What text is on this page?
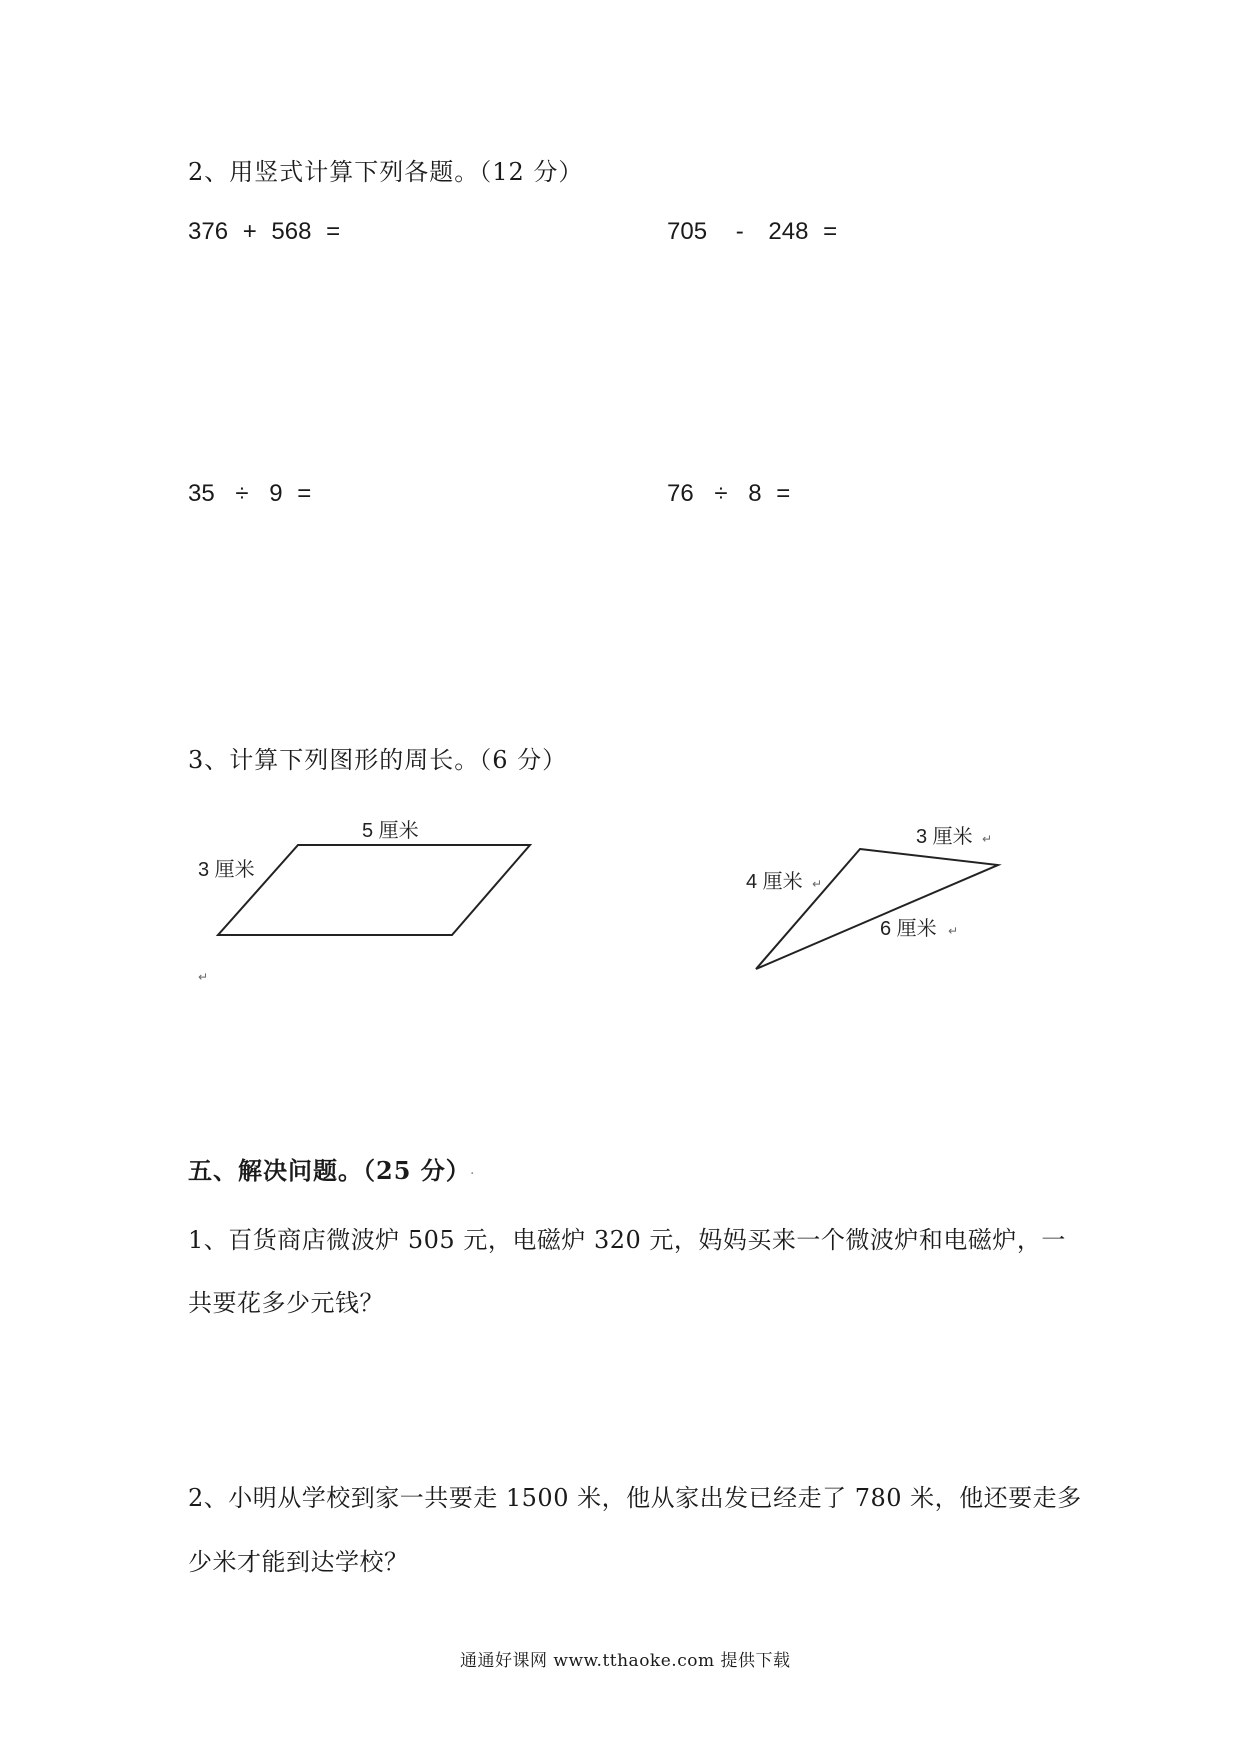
2、用竖式计算下列各题。（12 分）
376 + 568 =	705 - 248 =
35 ÷ 9 =	76 ÷ 8 =
3、计算下列图形的周长。（6 分）
5 厘米
3 厘米
↵
3 厘米 ↵
4 厘米 ↵
6 厘米 ↵
五、解决问题。（25 分） .
1、百货商店微波炉 505 元，电磁炉 320 元，妈妈买来一个微波炉和电磁炉，一
共要花多少元钱？
2、小明从学校到家一共要走 1500 米，他从家出发已经走了 780 米，他还要走多
少米才能到达学校？
通通好课网 www.tthaoke.com 提供下载
